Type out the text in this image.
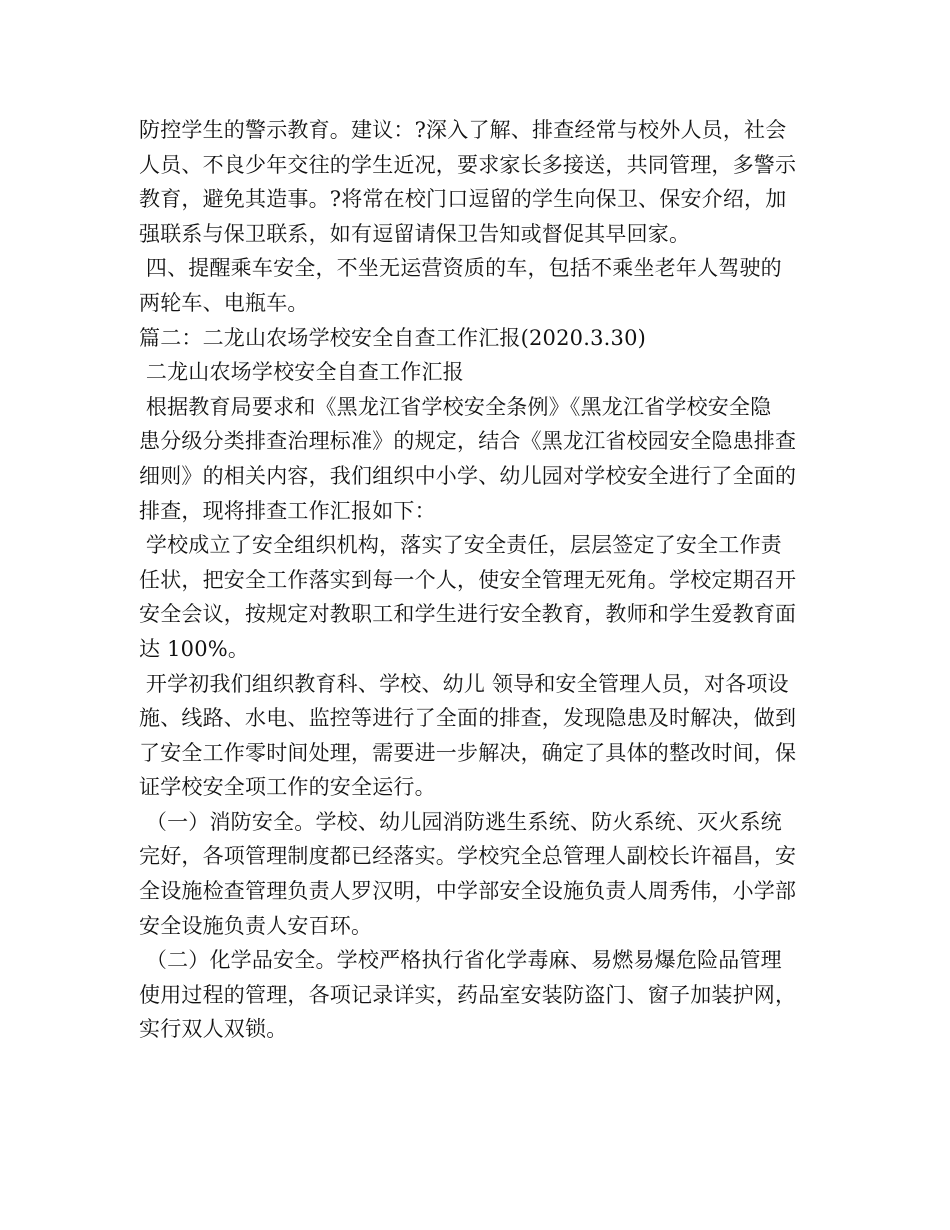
防控学生的警示教育。建议：?深入了解、排查经常与校外人员，社会
人员、不良少年交往的学生近况，要求家长多接送，共同管理，多警示
教育，避免其造事。?将常在校门口逗留的学生向保卫、保安介绍，加
强联系与保卫联系，如有逗留请保卫告知或督促其早回家。
四、提醒乘车安全，不坐无运营资质的车，包括不乘坐老年人驾驶的
两轮车、电瓶车。
篇二：二龙山农场学校安全自查工作汇报(2020.3.30)
二龙山农场学校安全自查工作汇报
根据教育局要求和《黑龙江省学校安全条例》《黑龙江省学校安全隐
患分级分类排查治理标准》的规定，结合《黑龙江省校园安全隐患排查
细则》的相关内容，我们组织中小学、幼儿园对学校安全进行了全面的
排查，现将排查工作汇报如下：
学校成立了安全组织机构，落实了安全责任，层层签定了安全工作责
任状，把安全工作落实到每一个人，使安全管理无死角。学校定期召开
安全会议，按规定对教职工和学生进行安全教育，教师和学生爱教育面
达 100%。
开学初我们组织教育科、学校、幼儿 领导和安全管理人员，对各项设
施、线路、水电、监控等进行了全面的排查，发现隐患及时解决，做到
了安全工作零时间处理，需要进一步解决，确定了具体的整改时间，保
证学校安全项工作的安全运行。
（一）消防安全。学校、幼儿园消防逃生系统、防火系统、灭火系统
完好，各项管理制度都已经落实。学校究全总管理人副校长许福昌，安
全设施检查管理负责人罗汉明，中学部安全设施负责人周秀伟，小学部
安全设施负责人安百环。
（二）化学品安全。学校严格执行省化学毒麻、易燃易爆危险品管理
使用过程的管理，各项记录详实，药品室安装防盗门、窗子加装护网，
实行双人双锁。
